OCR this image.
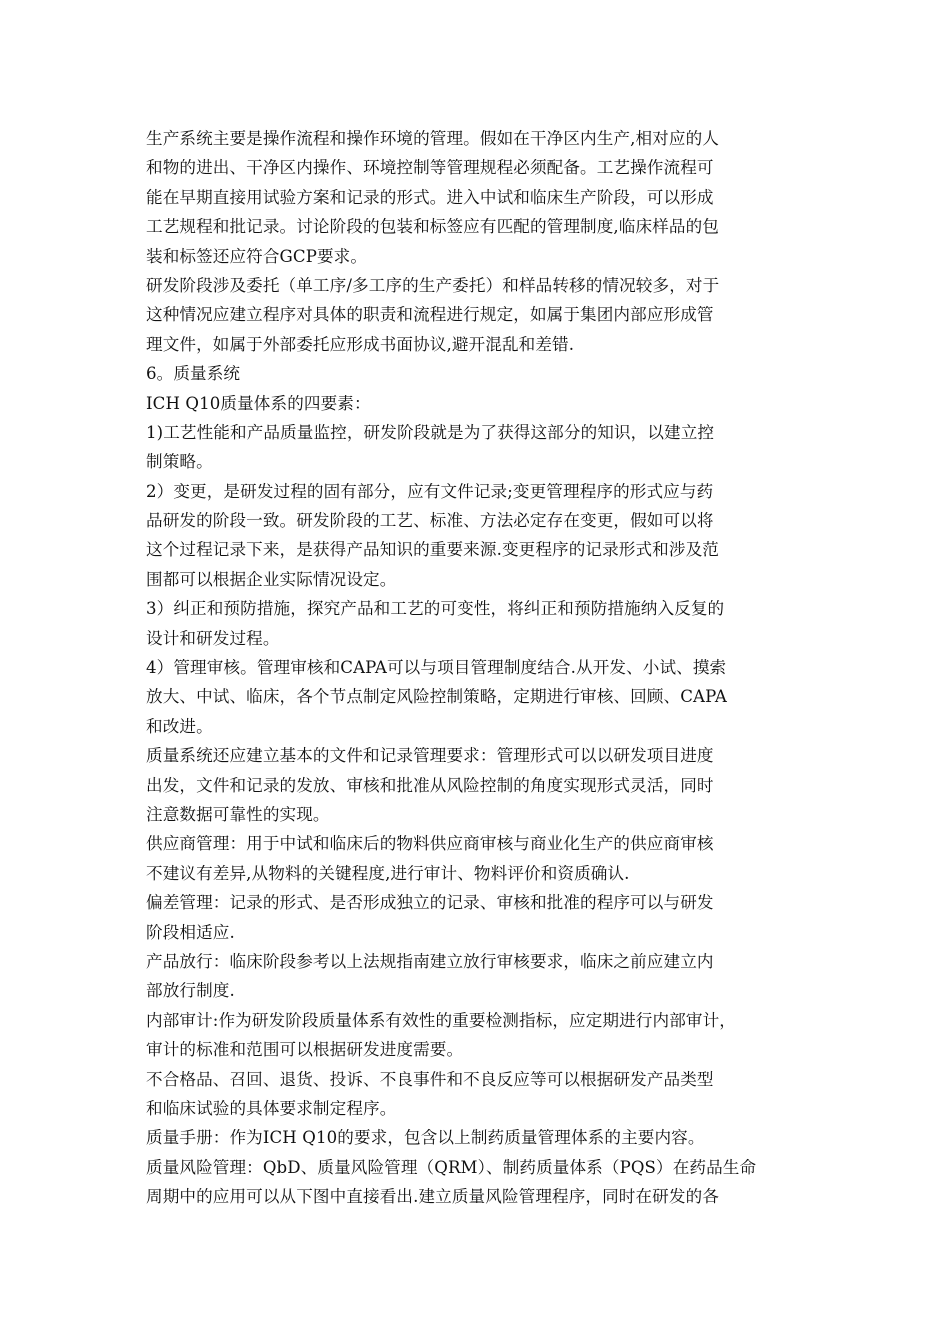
生产系统主要是操作流程和操作环境的管理。假如在干净区内生产,相对应的人
和物的进出、干净区内操作、环境控制等管理规程必须配备。工艺操作流程可
能在早期直接用试验方案和记录的形式。进入中试和临床生产阶段，可以形成
工艺规程和批记录。讨论阶段的包装和标签应有匹配的管理制度,临床样品的包
装和标签还应符合GCP要求。
研发阶段涉及委托（单工序/多工序的生产委托）和样品转移的情况较多，对于
这种情况应建立程序对具体的职责和流程进行规定，如属于集团内部应形成管
理文件，如属于外部委托应形成书面协议,避开混乱和差错.
6。质量系统
ICH Q10质量体系的四要素：
1)工艺性能和产品质量监控，研发阶段就是为了获得这部分的知识，以建立控
制策略。
2）变更，是研发过程的固有部分，应有文件记录;变更管理程序的形式应与药
品研发的阶段一致。研发阶段的工艺、标准、方法必定存在变更，假如可以将
这个过程记录下来，是获得产品知识的重要来源.变更程序的记录形式和涉及范
围都可以根据企业实际情况设定。
3）纠正和预防措施，探究产品和工艺的可变性，将纠正和预防措施纳入反复的
设计和研发过程。
4）管理审核。管理审核和CAPA可以与项目管理制度结合.从开发、小试、摸索
放大、中试、临床，各个节点制定风险控制策略，定期进行审核、回顾、CAPA
和改进。
质量系统还应建立基本的文件和记录管理要求：管理形式可以以研发项目进度
出发，文件和记录的发放、审核和批准从风险控制的角度实现形式灵活，同时
注意数据可靠性的实现。
供应商管理：用于中试和临床后的物料供应商审核与商业化生产的供应商审核
不建议有差异,从物料的关键程度,进行审计、物料评价和资质确认.
偏差管理：记录的形式、是否形成独立的记录、审核和批准的程序可以与研发
阶段相适应.
产品放行：临床阶段参考以上法规指南建立放行审核要求，临床之前应建立内
部放行制度.
内部审计:作为研发阶段质量体系有效性的重要检测指标，应定期进行内部审计，
审计的标准和范围可以根据研发进度需要。
不合格品、召回、退货、投诉、不良事件和不良反应等可以根据研发产品类型
和临床试验的具体要求制定程序。
质量手册：作为ICH Q10的要求，包含以上制药质量管理体系的主要内容。
质量风险管理：QbD、质量风险管理（QRM）、制药质量体系（PQS）在药品生命
周期中的应用可以从下图中直接看出.建立质量风险管理程序，同时在研发的各
